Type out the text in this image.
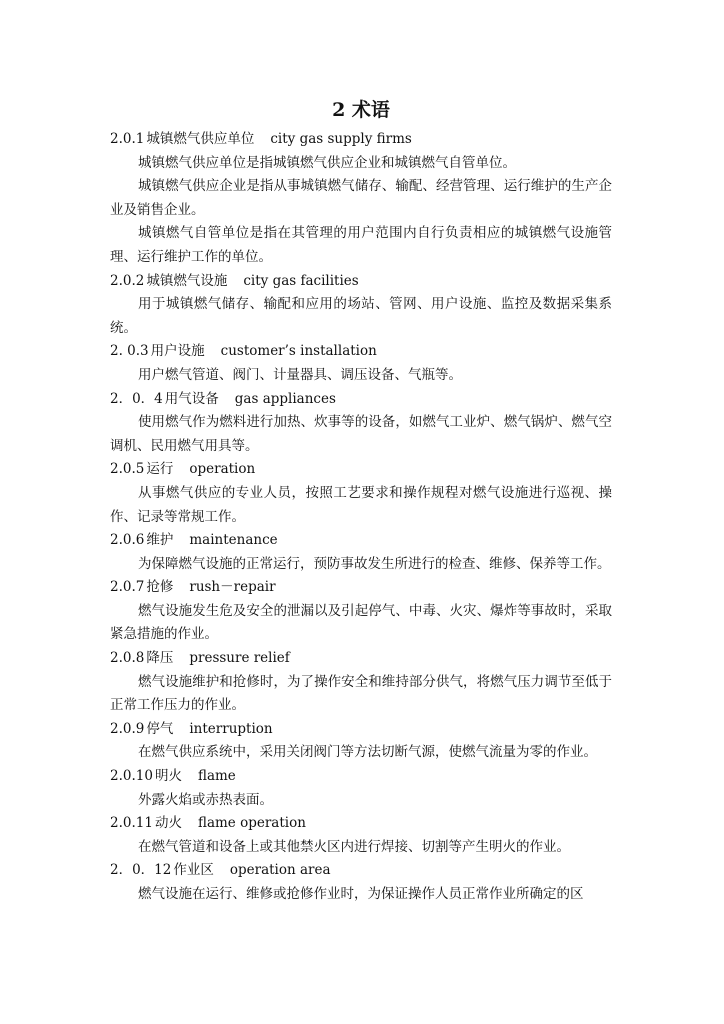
2 术语
2.0.1 城镇燃气供应单位 city gas supply firms
城镇燃气供应单位是指城镇燃气供应企业和城镇燃气自管单位。
城镇燃气供应企业是指从事城镇燃气储存、输配、经营管理、运行维护的生产企业及销售企业。
城镇燃气自管单位是指在其管理的用户范围内自行负责相应的城镇燃气设施管理、运行维护工作的单位。
2.0.2 城镇燃气设施 city gas facilities
用于城镇燃气储存、输配和应用的场站、管网、用户设施、监控及数据采集系统。
2. 0.3 用户设施 customer’s installation
用户燃气管道、阀门、计量器具、调压设备、气瓶等。
2．0．4 用气设备 gas appliances
使用燃气作为燃料进行加热、炊事等的设备，如燃气工业炉、燃气锅炉、燃气空调机、民用燃气用具等。
2.0.5 运行 operation
从事燃气供应的专业人员，按照工艺要求和操作规程对燃气设施进行巡视、操作、记录等常规工作。
2.0.6 维护 maintenance
为保障燃气设施的正常运行，预防事故发生所进行的检查、维修、保养等工作。
2.0.7 抢修 rush－repair
燃气设施发生危及安全的泄漏以及引起停气、中毒、火灾、爆炸等事故时，采取紧急措施的作业。
2.0.8 降压 pressure relief
燃气设施维护和抢修时，为了操作安全和维持部分供气，将燃气压力调节至低于正常工作压力的作业。
2.0.9 停气 interruption
在燃气供应系统中，采用关闭阀门等方法切断气源，使燃气流量为零的作业。
2.0.10 明火 flame
外露火焰或赤热表面。
2.0.11 动火 flame operation
在燃气管道和设备上或其他禁火区内进行焊接、切割等产生明火的作业。
2．0．12 作业区 operation area
燃气设施在运行、维修或抢修作业时，为保证操作人员正常作业所确定的区
